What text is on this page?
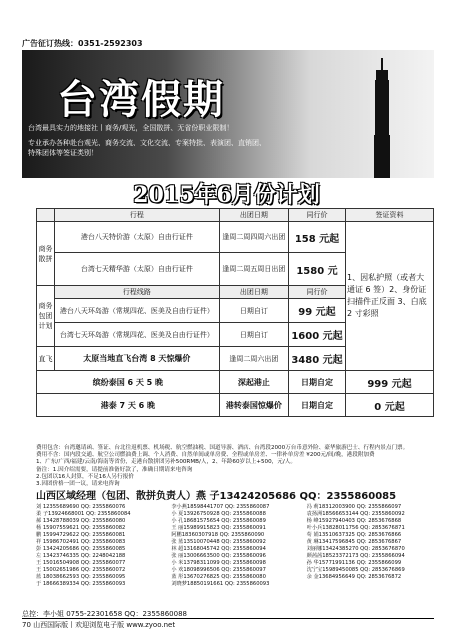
广告征订热线：0351-2592303
台湾假期
台湾最具实力的地接社丨商务/观光，全国散拼、无省份职业限制！
专业承办各种赴台观光、商务交流、文化交流、专案特批、表演团、直销团、
特殊团体等签证类别！
2015年6月份计划
	行程	出团日期	同行价	签证资料
商务散拼	港台八天特价游（太原）自由行证件	逢周二周四周六出团	158 元起	1、因私护照（或者大通证 6 签）2、身份证扫描件正反面 3、白底 2 寸彩照
	台湾七天精华游（太原）自由行证件	逢周二周五周日出团	1580 元	
商务包团计划	行程线路	出团日期	同行价	
	港台八天环岛游（常规四花、医美及自由行证件）	日期自订	99 元起	
	台湾七天环岛游（常规四花、医美及自由行证件）	日期自订	1600 元起	
直飞	太原当地直飞台湾 8 天惊爆价	逢周二周六出团	3480 元起	
缤纷泰国 6 天 5 晚		深起港止	日期自定	999 元起
港泰 7 天 6 晚		港转泰国惊爆价	日期自定	0 元起
费用包含：台湾邀请函、签证、台北往返机票、机场税、航空燃油税、国道导游、酒店、台湾段2000万台币意外险、豪华旅游巴士、行程内景点门票。
费用不含：国内段交通、航空公司燃油费上调、个人消费、自然单间或单房费、全程或单房差、一律补单房差 ¥200元/间/晚，港段附加费
1、广东/广西/福建/云南/海南等省份，走港台散拼团另补500RMB/人，2、年龄60岁以上+500，元/人。
备注：1.因介绍需要，请提前准备好款了，准确日期请来电咨询
2.包团以16人封算，不足16人另行报价
3.因团价格一团一议，请来电咨询
山西区域经理（包团、散拼负责人）燕 子13424205686 QQ：2355860085
刘 12355689690 QQ: 2355860076
柔 子13924668001 QQ: 2355860084
郝 13428788039 QQ: 2355860080
杨 15907559621 QQ: 2355860082
鹏 15994729622 QQ: 2355860081
祥 15986702491 QQ: 2355860083
彭 13424205686 QQ: 2355860085
左 13423746335 QQ: 2248042188
王 15016504908 QQ: 2355860077
王 15002651986 QQ: 2355860072
蓝 18038662593 QQ: 2355860095
于 18666389334 QQ: 2355860093
李小燕18598441707 QQ: 2355860087
小 夏13926750928 QQ: 2355860088
小 孔18681575654 QQ: 2355860089
王 丽15989915823 QQ: 2355860091
阿鹏18360307918 QQ: 2355860090
张 蓝13510070448 QQ: 2355860092
林 超13168045742 QQ: 2355860094
张 丽13006663500 QQ: 2355860096
小 米13798311099 QQ: 2355860098
小 欢18098996506 QQ: 2355860097
蓝 彤13670276825 QQ: 2355860080
刘晓梦18850191661 QQ: 2355860093
冯 莉18312003900 QQ: 2355866097
袁扬洲18566653144 QQ: 2355860092
杨 峰15927940403 QQ: 2853676868
叶小兵13828011756 QQ: 2853676871
苟 娟13510637325 QQ: 2853676866
黄 琳13417596845 QQ: 2853676867
刘丽娜13424385270 QQ: 2853676870
颜茜茜18523372173 QQ: 2355866094
孙 华15771991136 QQ: 2355866099
沈宁宝15989450085 QQ: 2853676869
余 金13684956649 QQ: 2853676872
总控：李小姐 0755-22301658 QQ：2355860088
70 山西国际版丨欢迎浏览电子版 www.zyoo.net
